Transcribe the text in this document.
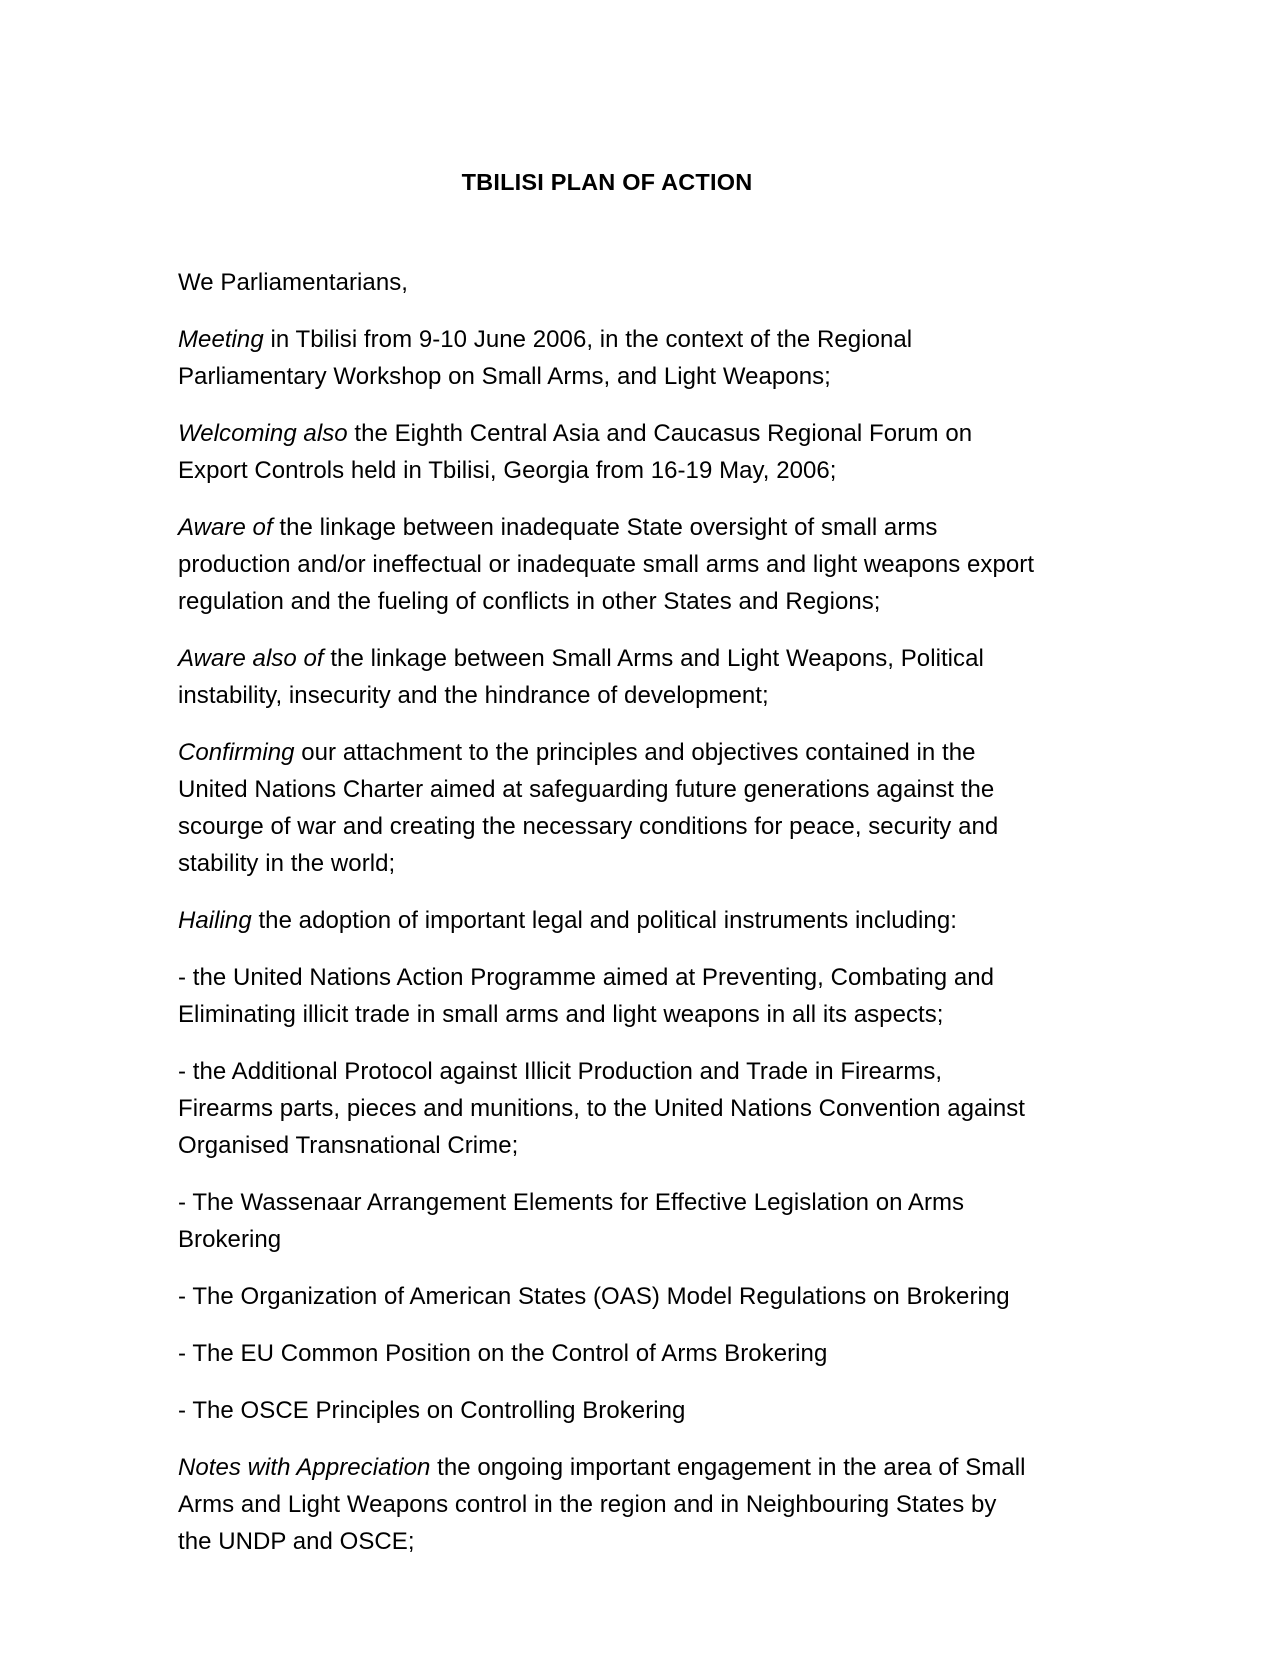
TBILISI PLAN OF ACTION

We Parliamentarians,

Meeting in Tbilisi from 9-10 June 2006, in the context of the Regional Parliamentary Workshop on Small Arms, and Light Weapons;

Welcoming also the Eighth Central Asia and Caucasus Regional Forum on Export Controls held in Tbilisi, Georgia from 16-19 May, 2006;

Aware of the linkage between inadequate State oversight of small arms production and/or ineffectual or inadequate small arms and light weapons export regulation and the fueling of conflicts in other States and Regions;

Aware also of the linkage between Small Arms and Light Weapons, Political instability, insecurity and the hindrance of development;

Confirming our attachment to the principles and objectives contained in the United Nations Charter aimed at safeguarding future generations against the scourge of war and creating the necessary conditions for peace, security and stability in the world;

Hailing the adoption of important legal and political instruments including:

- the United Nations Action Programme aimed at Preventing, Combating and Eliminating illicit trade in small arms and light weapons in all its aspects;

- the Additional Protocol against Illicit Production and Trade in Firearms, Firearms parts, pieces and munitions, to the United Nations Convention against Organised Transnational Crime;

- The Wassenaar Arrangement Elements for Effective Legislation on Arms Brokering

- The Organization of American States (OAS) Model Regulations on Brokering

- The EU Common Position on the Control of Arms Brokering

- The OSCE Principles on Controlling Brokering

Notes with Appreciation the ongoing important engagement in the area of Small Arms and Light Weapons control in the region and in Neighbouring States by the UNDP and OSCE;
